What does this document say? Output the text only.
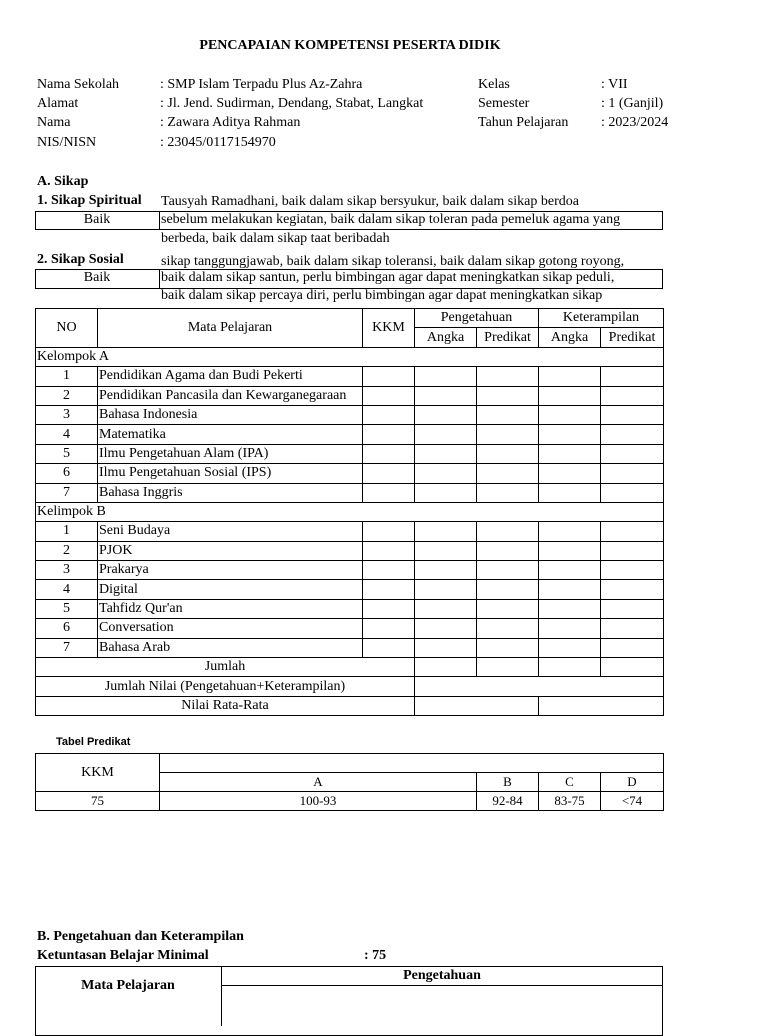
PENCAPAIAN KOMPETENSI PESERTA DIDIK
Nama Sekolah	: SMP Islam Terpadu Plus Az-Zahra
Alamat	: Jl. Jend. Sudirman, Dendang, Stabat, Langkat
Nama	: Zawara Aditya Rahman
NIS/NISN	: 23045/0117154970
Kelas	: VII
Semester	: 1 (Ganjil)
Tahun Pelajaran : 2023/2024
A. Sikap
1. Sikap Spiritual
Baik
Tausyah Ramadhani, baik dalam sikap bersyukur, baik dalam sikap berdoa
sebelum melakukan kegiatan, baik dalam sikap toleran pada pemeluk agama yang
berbeda, baik dalam sikap taat beribadah
2. Sikap Sosial
Baik
sikap tanggungjawab, baik dalam sikap toleransi, baik dalam sikap gotong royong,
baik dalam sikap santun, perlu bimbingan agar dapat meningkatkan sikap peduli,
baik dalam sikap percaya diri, perlu bimbingan agar dapat meningkatkan sikap
NO	Mata Pelajaran	KKM	Pengetahuan		Keterampilan	
			Angka	Predikat	Angka	Predikat
Kelompok A						
1	Pendidikan Agama dan Budi Pekerti					
2	Pendidikan Pancasila dan Kewarganegaraan					
3	Bahasa Indonesia					
4	Matematika					
5	Ilmu Pengetahuan Alam (IPA)					
6	Ilmu Pengetahuan Sosial (IPS)					
7	Bahasa Inggris					
Kelimpok B						
1	Seni Budaya					
2	PJOK					
3	Prakarya					
4	Digital					
5	Tahfidz Qur'an					
6	Conversation					
7	Bahasa Arab					
Jumlah						
Jumlah Nilai (Pengetahuan+Keterampilan)						
Nilai Rata-Rata						
Tabel Predikat
KKM				
	A	B	C	D
75	100-93	92-84	83-75	<74
B. Pengetahuan dan Keterampilan
Ketuntasan Belajar Minimal	: 75
Pengetahuan
Mata Pelajaran
